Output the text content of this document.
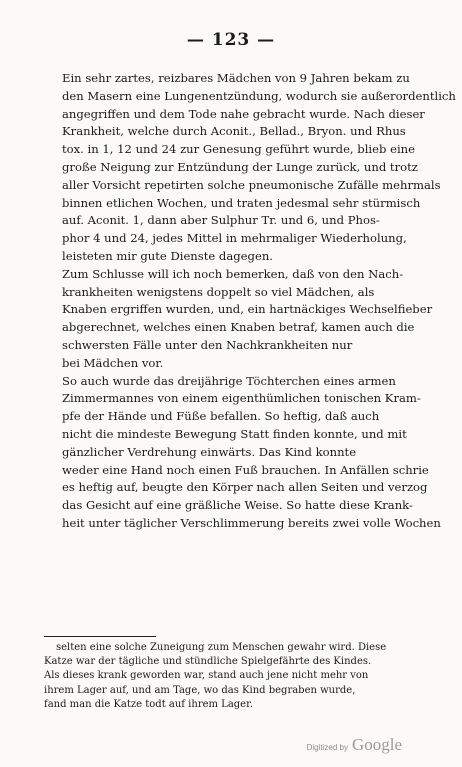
— 123 —

Ein sehr zartes, reizbares Mädchen von 9 Jahren bekam zu
den Masern eine Lungenentzündung, wodurch sie außerordentlich
angegriffen und dem Tode nahe gebracht wurde. Nach dieser
Krankheit, welche durch Aconit., Bellad., Bryon. und Rhus
tox. in 1, 12 und 24 zur Genesung geführt wurde, blieb eine
große Neigung zur Entzündung der Lunge zurück, und trotz
aller Vorsicht repetirten solche pneumonische Zufälle mehrmals
binnen etlichen Wochen, und traten jedesmal sehr stürmisch
auf. Aconit. 1, dann aber Sulphur Tr. und 6, und Phos-
phor 4 und 24, jedes Mittel in mehrmaliger Wiederholung,
leisteten mir gute Dienste dagegen.

Zum Schlusse will ich noch bemerken, daß von den Nach-
krankheiten wenigstens doppelt so viel Mädchen, als
Knaben ergriffen wurden, und, ein hartnäckiges Wechselfieber
abgerechnet, welches einen Knaben betraf, kamen auch die
schwersten Fälle unter den Nachkrankheiten nur
bei Mädchen vor.

So auch wurde das dreijährige Töchterchen eines armen
Zimmermannes von einem eigenthümlichen tonischen Kram-
pfe der Hände und Füße befallen. So heftig, daß auch
nicht die mindeste Bewegung Statt finden konnte, und mit
gänzlicher Verdrehung einwärts. Das Kind konnte
weder eine Hand noch einen Fuß brauchen. In Anfällen schrie
es heftig auf, beugte den Körper nach allen Seiten und verzog
das Gesicht auf eine gräßliche Weise. So hatte diese Krank-
heit unter täglicher Verschlimmerung bereits zwei volle Wochen

selten eine solche Zuneigung zum Menschen gewahr wird. Diese
Katze war der tägliche und stündliche Spielgefährte des Kindes.
Als dieses krank geworden war, stand auch jene nicht mehr von
ihrem Lager auf, und am Tage, wo das Kind begraben wurde,
fand man die Katze todt auf ihrem Lager.
Digitized by Google
